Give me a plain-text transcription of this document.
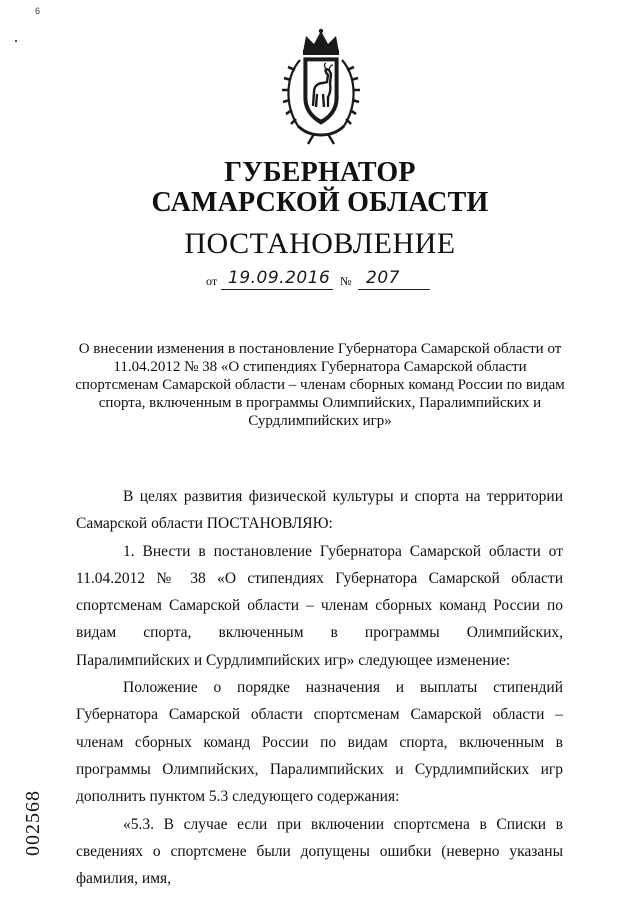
6
ГУБЕРНАТОР
САМАРСКОЙ ОБЛАСТИ
ПОСТАНОВЛЕНИЕ
от 19.09.2016 № 207
О внесении изменения в постановление Губернатора Самарской области от 11.04.2012 № 38 «О стипендиях Губернатора Самарской области спортсменам Самарской области – членам сборных команд России по видам спорта, включенным в программы Олимпийских, Паралимпийских и Сурдлимпийских игр»

В целях развития физической культуры и спорта на территории Самарской области ПОСТАНОВЛЯЮ:

1. Внести в постановление Губернатора Самарской области от 11.04.2012 № 38 «О стипендиях Губернатора Самарской области спортсменам Самарской области – членам сборных команд России по видам спорта, включенным в программы Олимпийских, Паралимпийских и Сурдлимпийских игр» следующее изменение:

Положение о порядке назначения и выплаты стипендий Губернатора Самарской области спортсменам Самарской области – членам сборных команд России по видам спорта, включенным в программы Олимпийских, Паралимпийских и Сурдлимпийских игр дополнить пунктом 5.3 следующего содержания:

«5.3. В случае если при включении спортсмена в Списки в сведениях о спортсмене были допущены ошибки (неверно указаны фамилия, имя,

002568
